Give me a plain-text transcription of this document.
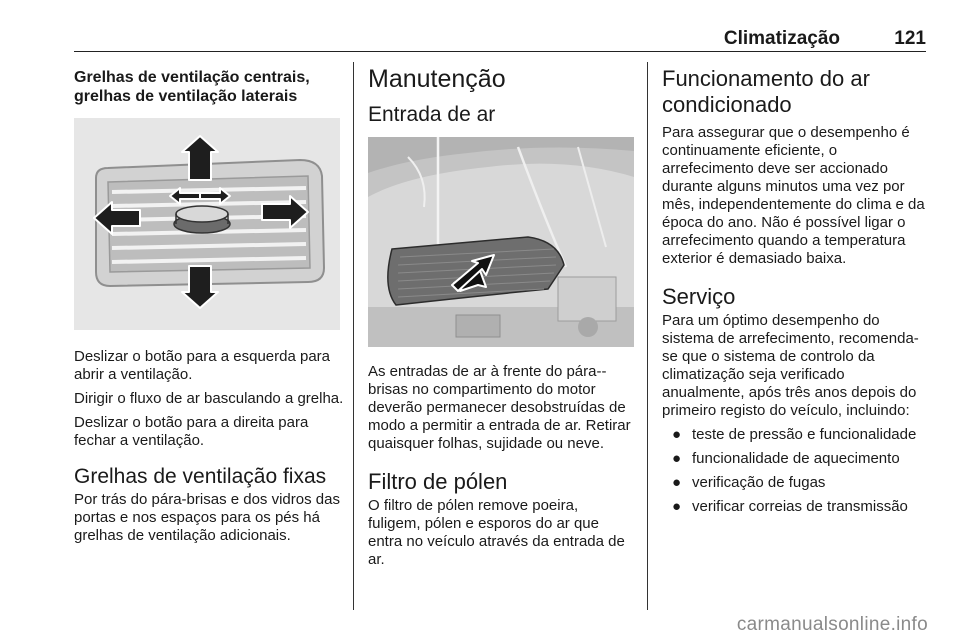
Climatização	121
Grelhas de ventilação centrais, grelhas de ventilação laterais

Deslizar o botão para a esquerda para abrir a ventilação.

Dirigir o fluxo de ar basculando a grelha.

Deslizar o botão para a direita para fechar a ventilação.

Grelhas de ventilação fixas

Por trás do pára-brisas e dos vidros das portas e nos espaços para os pés há grelhas de ventilação adicionais.

Manutenção
Entrada de ar

As entradas de ar à frente do pára--brisas no compartimento do motor deverão permanecer desobstruídas de modo a permitir a entrada de ar. Retirar quaisquer folhas, sujidade ou neve.

Filtro de pólen

O filtro de pólen remove poeira, fuligem, pólen e esporos do ar que entra no veículo através da entrada de ar.

Funcionamento do ar condicionado

Para assegurar que o desempenho é continuamente eficiente, o arrefecimento deve ser accionado durante alguns minutos uma vez por mês, independentemente do clima e da época do ano. Não é possível ligar o arrefecimento quando a temperatura exterior é demasiado baixa.

Serviço

Para um óptimo desempenho do sistema de arrefecimento, recomenda-se que o sistema de controlo da climatização seja verificado anualmente, após três anos depois do primeiro registo do veículo, incluindo:

● teste de pressão e funcionalidade
● funcionalidade de aquecimento
● verificação de fugas
● verificar correias de transmissão
carmanualsonline.info
